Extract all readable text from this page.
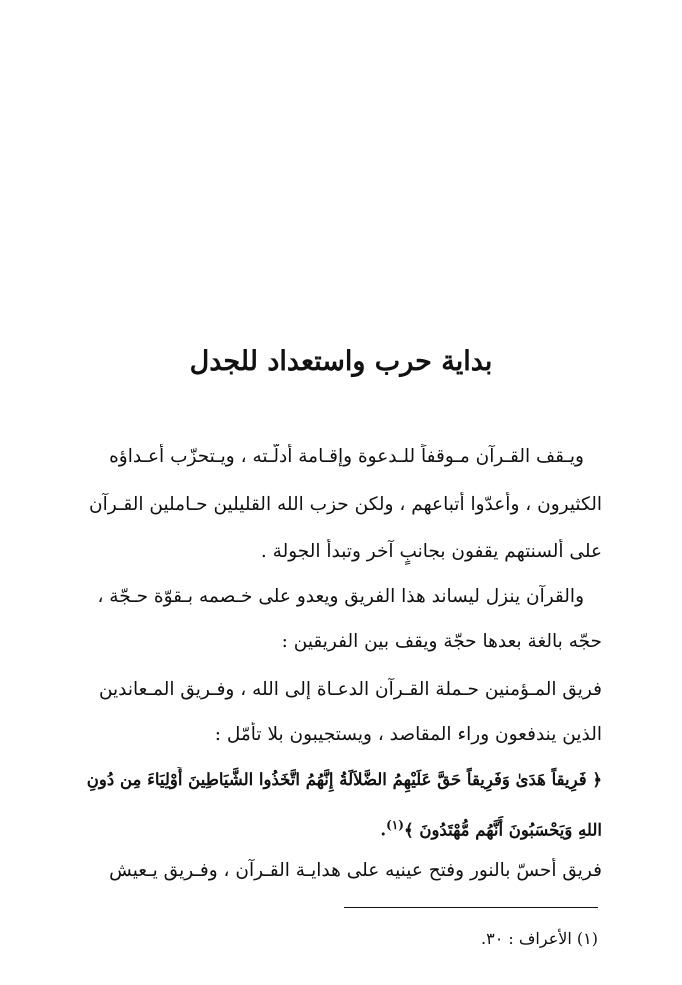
بداية حرب واستعداد للجدل
ويـقف القـرآن مـوقفاً للـدعوة وإقـامة أدلّـته ، ويـتحزّب أعـداؤه
الكثيرون ، وأعدّوا أتباعهم ، ولكن حزب الله القليلين حـاملين القـرآن
على ألسنتهم يقفون بجانبٍ آخر وتبدأ الجولة .
والقرآن ينزل ليساند هذا الفريق ويعدو على خـصمه بـقوّة حـجّة ،
حجّه بالغة بعدها حجّة ويقف بين الفريقين :
فريق المـؤمنين حـملة القـرآن الدعـاة إلى الله ، وفـريق المـعاندين
الذين يندفعون وراء المقاصد ، ويستجيبون بلا تأمّل :
﴿ فَرِيقاً هَدَىٰ وَفَرِيقاً حَقَّ عَلَيْهِمُ الضَّلاَلَةُ إِنَّهُمُ اتَّخَذُوا الشَّيَاطِينَ أَوْلِيَاءَ مِن دُونِ
اللهِ وَيَحْسَبُونَ أَنَّهُم مُّهْتَدُونَ ﴾$^{(١)}$.
فريق أحسّ بالنور وفتح عينيه على هدايـة القـرآن ، وفـريق يـعيش
(١) الأعراف : ٣٠.
